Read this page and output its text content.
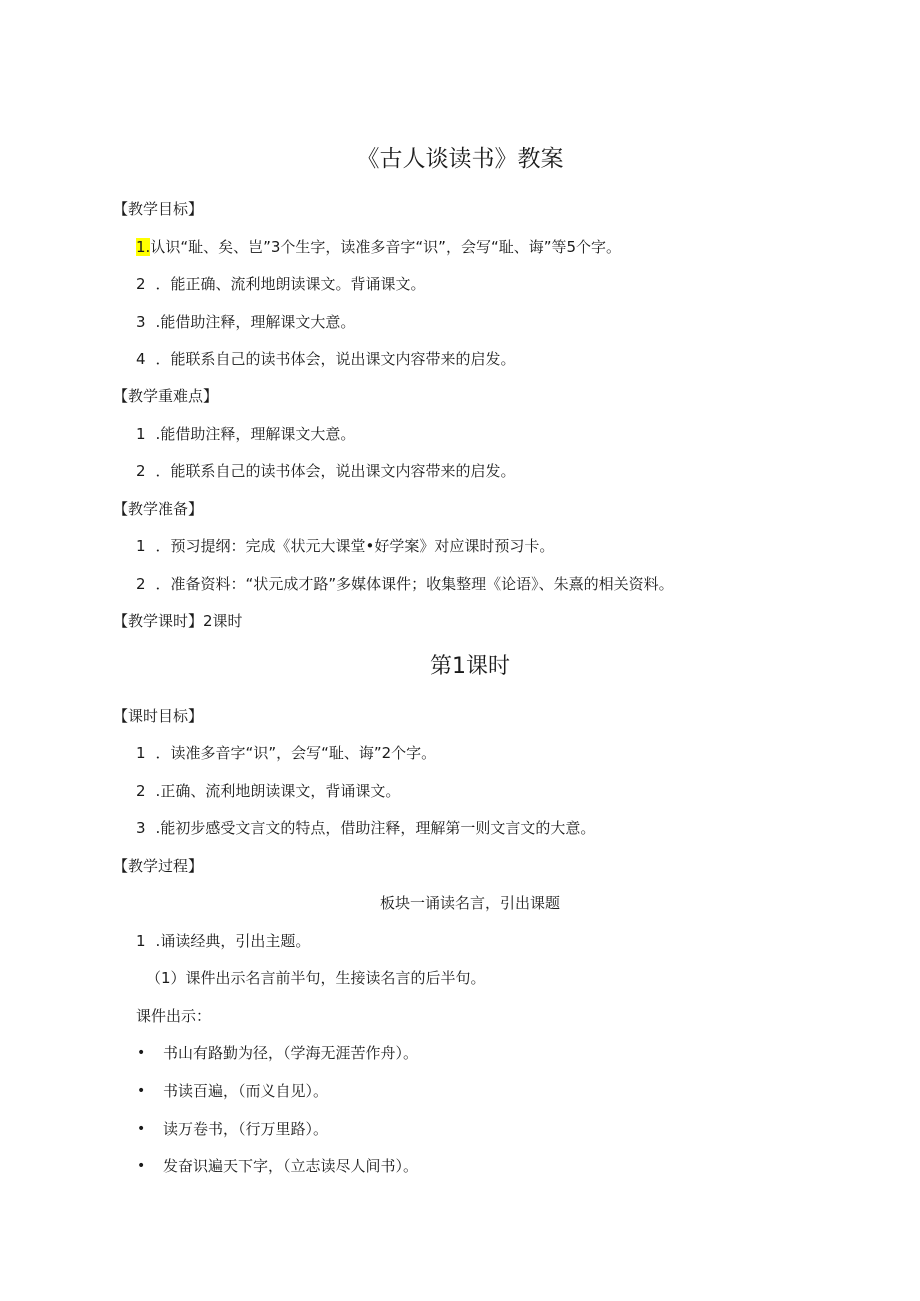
《古人谈读书》教案
【教学目标】
1.认识“耻、矣、岂”3个生字，读准多音字“识”，会写“耻、诲”等5个字。
2 ．能正确、流利地朗读课文。背诵课文。
3 .能借助注释，理解课文大意。
4 ．能联系自己的读书体会，说出课文内容带来的启发。
【教学重难点】
1 .能借助注释，理解课文大意。
2 ．能联系自己的读书体会，说出课文内容带来的启发。
【教学准备】
1 ．预习提纲：完成《状元大课堂•好学案》对应课时预习卡。
2 ．准备资料：“状元成才路”多媒体课件；收集整理《论语》、朱熹的相关资料。
【教学课时】2课时
第1课时
【课时目标】
1 ．读准多音字“识”，会写“耻、诲”2个字。
2 .正确、流利地朗读课文，背诵课文。
3 .能初步感受文言文的特点，借助注释，理解第一则文言文的大意。
【教学过程】
板块一诵读名言，引出课题
1 .诵读经典，引出主题。
（1）课件出示名言前半句，生接读名言的后半句。
课件出示：
• 书山有路勤为径，（学海无涯苦作舟）。
• 书读百遍，（而义自见）。
• 读万卷书，（行万里路）。
• 发奋识遍天下字，（立志读尽人间书）。
